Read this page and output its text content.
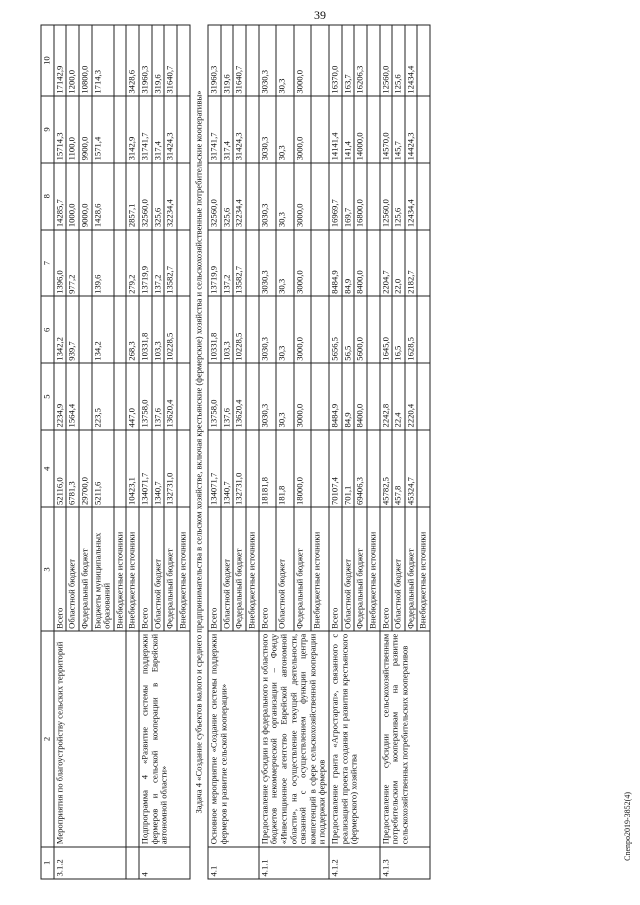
39
1	2	3	4	5	6	7	8	9	10
3.1.2	Мероприятия по благоустройству сельских территорий	Всего	52116,0	2234,9	1342,2	1396,0	14285,7	15714,3	17142,9
		Областной бюджет	6781,3	1564,4	939,7	977,2	1000,0	1100,0	1200,0
		Федеральный бюджет	29700,0				9000,0	9900,0	10800,0
		Бюджеты муниципальных образований	5211,6	223,5	134,2	139,6	1428,6	1571,4	1714,3
		Внебюджетные источники							
		Внебюджетные источники	10423,1	447,0	268,3	279,2	2857,1	3142,9	3428,6
4	Подпрограмма 4 «Развитие системы поддержки фермеров и сельской кооперации в Еврейской автономной области»	Всего	134071,7	13758,0	10331,8	13719,9	32560,0	31741,7	31960,3
		Областной бюджет	1340,7	137,6	103,3	137,2	325,6	317,4	319,6
		Федеральный бюджет	132731,0	13620,4	10228,5	13582,7	32234,4	31424,3	31640,7
		Внебюджетные источники							
Задача 4 «Создание субъектов малого и среднего предпринимательства в сельском хозяйстве, включая крестьянские (фермерские) хозяйства и сельскохозяйственные потребительские кооперативы»									
4.1	Основное мероприятие «Создание системы поддержки фермеров и развитие сельской кооперации»	Всего	134071,7	13758,0	10331,8	13719,9	32560,0	31741,7	31960,3
		Областной бюджет	1340,7	137,6	103,3	137,2	325,6	317,4	319,6
		Федеральный бюджет	132731,0	13620,4	10228,5	13582,7	32234,4	31424,3	31640,7
		Внебюджетные источники							
4.1.1	Предоставление субсидии из федерального и областного бюджетов некоммерческой организации – Фонду «Инвестиционное агентство Еврейской автономной области», на осуществление текущей деятельности, связанной с осуществлением функции центра компетенций в сфере сельскохозяйственной кооперации и поддержки фермеров	Всего	18181,8	3030,3	3030,3	3030,3	3030,3	3030,3	3030,3
		Областной бюджет	181,8	30,3	30,3	30,3	30,3	30,3	30,3
		Федеральный бюджет	18000,0	3000,0	3000,0	3000,0	3000,0	3000,0	3000,0
		Внебюджетные источники							
4.1.2	Предоставление гранта «Агростартап», связанного с реализацией проекта создания и развития крестьянского (фермерского) хозяйства	Всего	70107,4	8484,9	5656,5	8484,9	16969,7	14141,4	16370,0
		Областной бюджет	701,1	84,9	56,5	84,9	169,7	141,4	163,7
		Федеральный бюджет	69406,3	8400,0	5600,0	8400,0	16800,0	14000,0	16206,3
		Внебюджетные источники							
4.1.3	Предоставление субсидии сельскохозяйственным потребительским кооперативам на развитие сельскохозяйственных потребительских кооперативов	Всего	45782,5	2242,8	1645,0	2204,7	12560,0	14570,0	12560,0
		Областной бюджет	457,8	22,4	16,5	22,0	125,6	145,7	125,6
		Федеральный бюджет	45324,7	2220,4	1628,5	2182,7	12434,4	14424,3	12434,4
		Внебюджетные источники							
Cnenpo2019-3852(4)
